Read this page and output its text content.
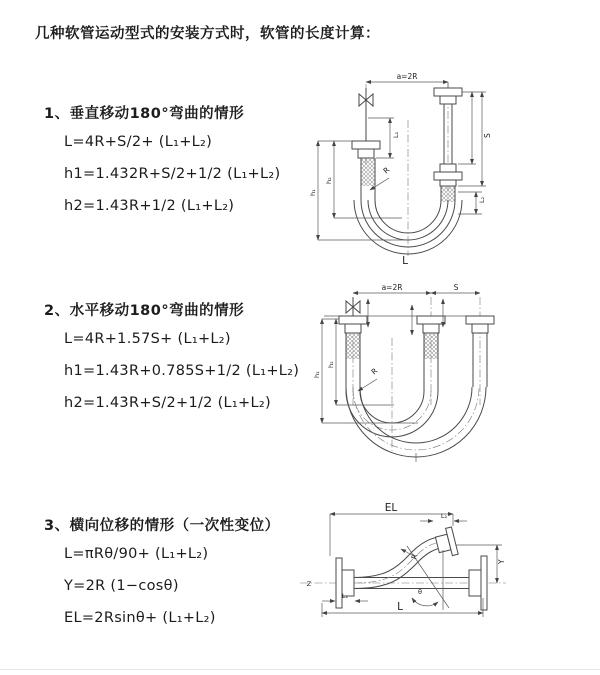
几种软管运动型式的安装方式时，软管的长度计算：
1、垂直移动180°弯曲的情形
L=4R+S/2+ (L₁+L₂)
h1=1.432R+S/2+1/2 (L₁+L₂)
h2=1.43R+1/2 (L₁+L₂)
a=2R
R
L
S
L₂
L₁
h₁
h₂
2、水平移动180°弯曲的情形
L=4R+1.57S+ (L₁+L₂)
h1=1.43R+0.785S+1/2 (L₁+L₂)
h2=1.43R+S/2+1/2 (L₁+L₂)
a=2R	S
h₁
h₂
R
3、横向位移的情形（一次性变位）
L=πRθ/90+ (L₁+L₂)
Y=2R (1−cosθ)
EL=2Rsinθ+ (L₁+L₂)
Z
θ
R
EL
Y
L₂
L₁
L
